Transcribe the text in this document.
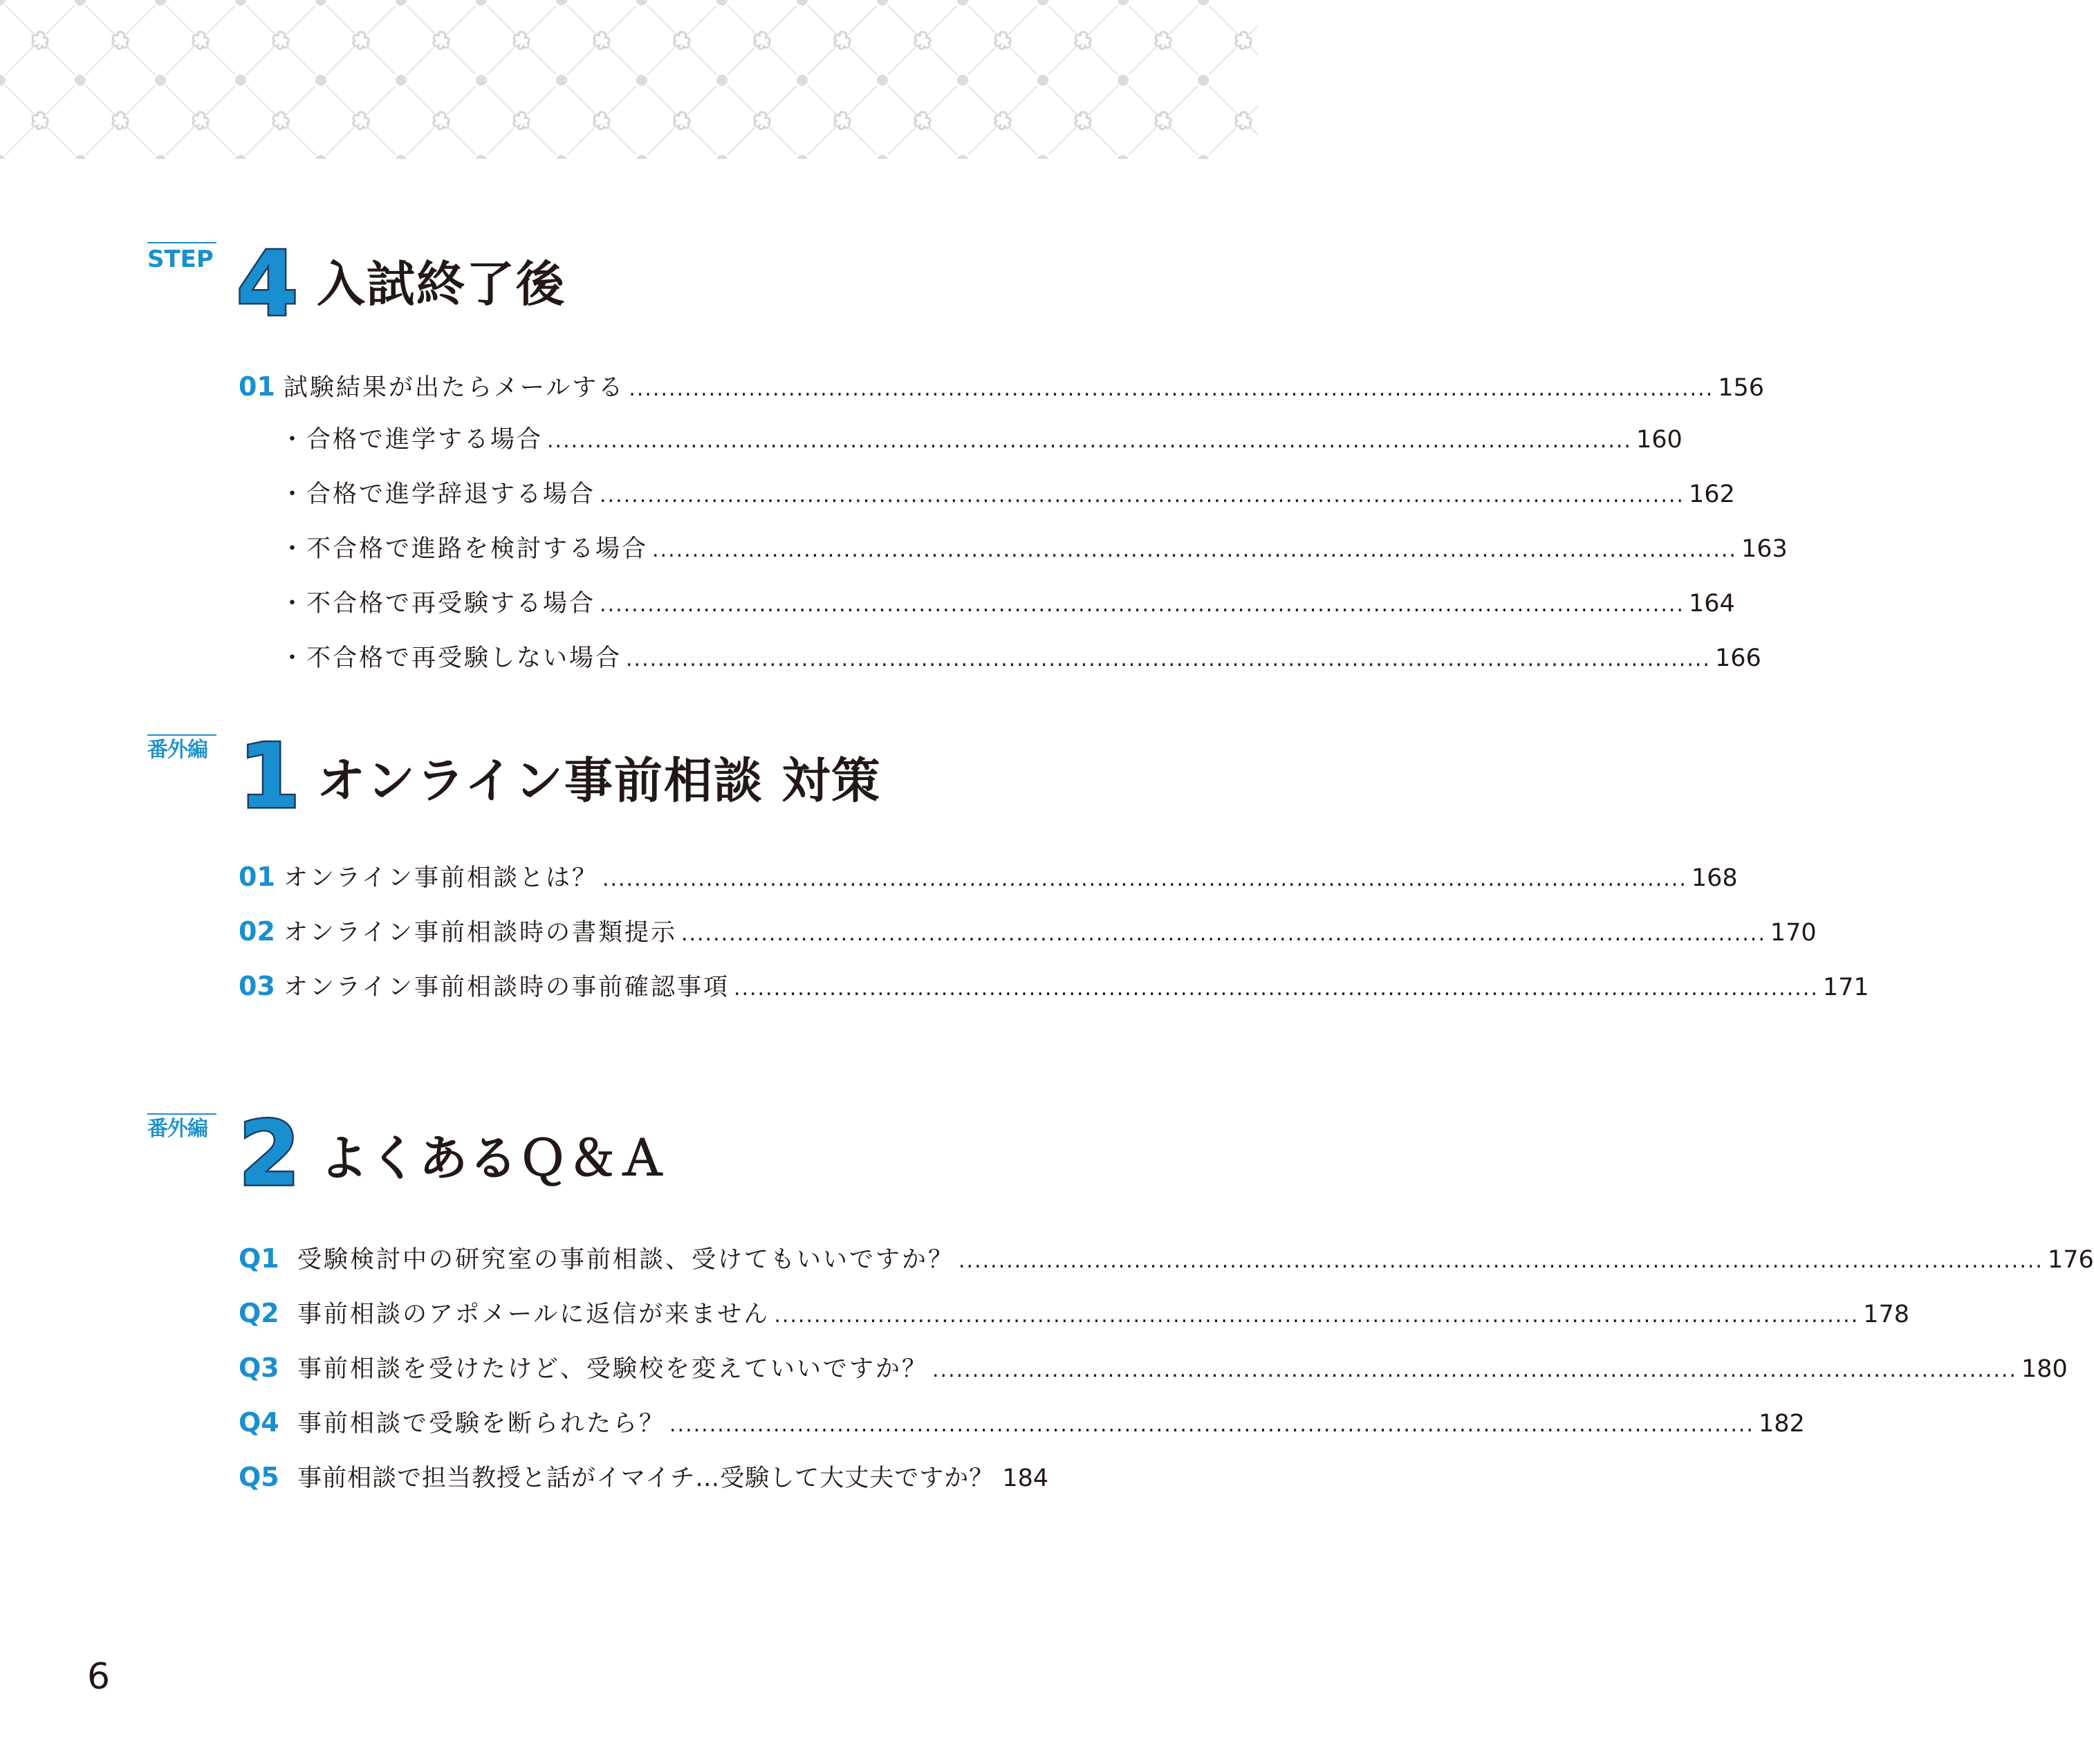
STEP 4 入試終了後
01 試験結果が出たらメールする ........................................................................................................................................ 156
・合格で進学する場合 ........................................................................................................................................ 160
・合格で進学辞退する場合 ........................................................................................................................................ 162
・不合格で進路を検討する場合 ........................................................................................................................................ 163
・不合格で再受験する場合 ........................................................................................................................................ 164
・不合格で再受験しない場合 ........................................................................................................................................ 166
番外編 1 オンライン事前相談 対策
01 オンライン事前相談とは？ ........................................................................................................................................ 168
02 オンライン事前相談時の書類提示 ........................................................................................................................................ 170
03 オンライン事前相談時の事前確認事項 ........................................................................................................................................ 171
番外編 2 よくあるＱ＆Ａ
Q1 受験検討中の研究室の事前相談、受けてもいいですか？ ........................................................................................................................................ 176
Q2 事前相談のアポメールに返信が来ません ........................................................................................................................................ 178
Q3 事前相談を受けたけど、受験校を変えていいですか？ ........................................................................................................................................ 180
Q4 事前相談で受験を断られたら？ ........................................................................................................................................ 182
Q5 事前相談で担当教授と話がイマイチ…受験して大丈夫ですか？ 184
6
